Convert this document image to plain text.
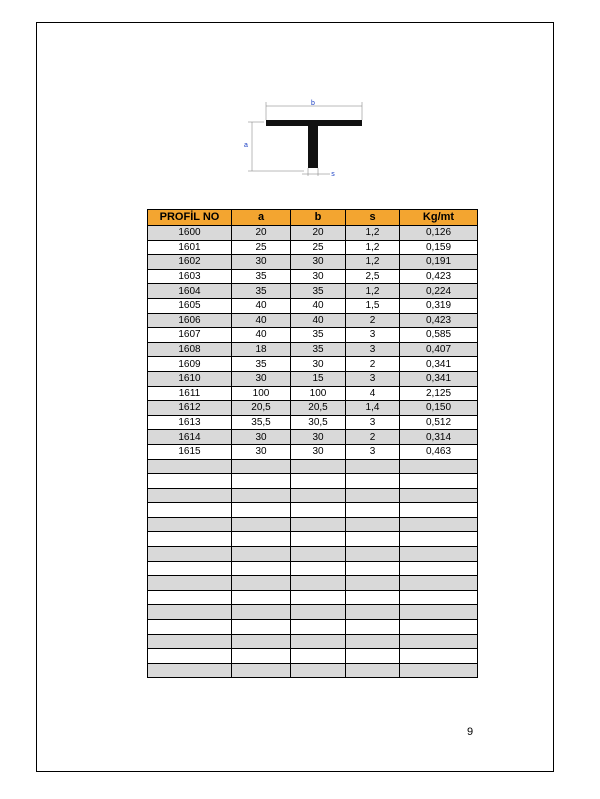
b
a
s
PROFİL NO	a	b	s	Kg/mt
1600	20	20	1,2	0,126
1601	25	25	1,2	0,159
1602	30	30	1,2	0,191
1603	35	30	2,5	0,423
1604	35	35	1,2	0,224
1605	40	40	1,5	0,319
1606	40	40	2	0,423
1607	40	35	3	0,585
1608	18	35	3	0,407
1609	35	30	2	0,341
1610	30	15	3	0,341
1611	100	100	4	2,125
1612	20,5	20,5	1,4	0,150
1613	35,5	30,5	3	0,512
1614	30	30	2	0,314
1615	30	30	3	0,463

9
